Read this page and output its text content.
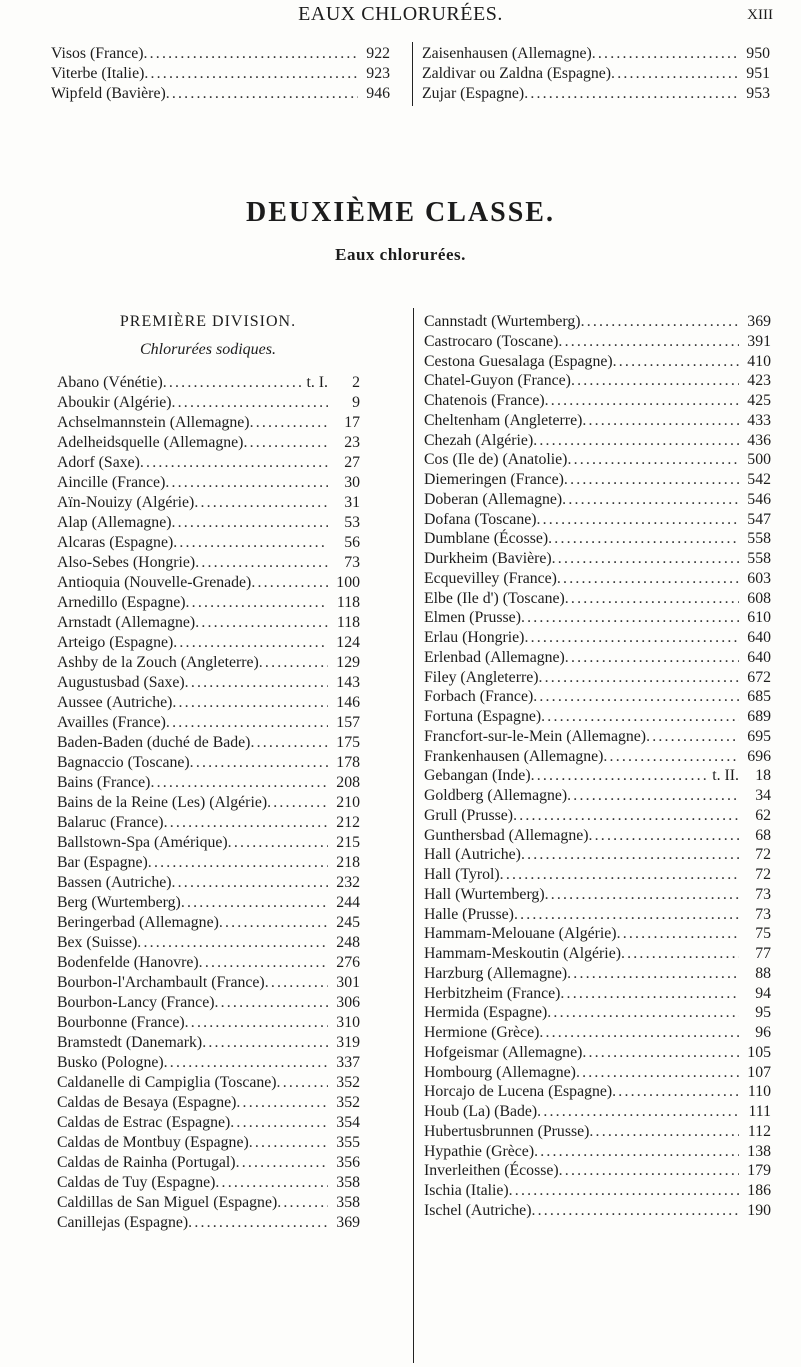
EAUX CHLORURÉES.	XIII
Visos (France) .....	922
Viterbe (Italie) .....	923
Wipfeld (Bavière) .....	946
Zaisenhausen (Allemagne) .....	950
Zaldivar ou Zaldna (Espagne) .....	951
Zujar (Espagne) .....	953
DEUXIÈME CLASSE.
Eaux chlorurées.
PREMIÈRE DIVISION.
Chlorurées sodiques.
Abano (Vénétie) .....	t. I.	2
Aboukir (Algérie) .....	9
Achselmannstein (Allemagne) .....	17
Adelheidsquelle (Allemagne) .....	23
Adorf (Saxe) .....	27
Aincille (France) .....	30
Aïn-Nouizy (Algérie) .....	31
Alap (Allemagne) .....	53
Alcaras (Espagne) .....	56
Also-Sebes (Hongrie) .....	73
Antioquia (Nouvelle-Grenade) .....	100
Arnedillo (Espagne) .....	118
Arnstadt (Allemagne) .....	118
Arteigo (Espagne) .....	124
Ashby de la Zouch (Angleterre) .....	129
Augustusbad (Saxe) .....	143
Aussee (Autriche) .....	146
Availles (France) .....	157
Baden-Baden (duché de Bade) .....	175
Bagnaccio (Toscane) .....	178
Bains (France) .....	208
Bains de la Reine (Les) (Algérie) .....	210
Balaruc (France) .....	212
Ballstown-Spa (Amérique) .....	215
Bar (Espagne) .....	218
Bassen (Autriche) .....	232
Berg (Wurtemberg) .....	244
Beringerbad (Allemagne) .....	245
Bex (Suisse) .....	248
Bodenfelde (Hanovre) .....	276
Bourbon-l'Archambault (France) .....	301
Bourbon-Lancy (France) .....	306
Bourbonne (France) .....	310
Bramstedt (Danemark) .....	319
Busko (Pologne) .....	337
Caldanelle di Campiglia (Toscane) .....	352
Caldas de Besaya (Espagne) .....	352
Caldas de Estrac (Espagne) .....	354
Caldas de Montbuy (Espagne) .....	355
Caldas de Rainha (Portugal) .....	356
Caldas de Tuy (Espagne) .....	358
Caldillas de San Miguel (Espagne) .....	358
Canillejas (Espagne) .....	369
Cannstadt (Wurtemberg) .....	369
Castrocaro (Toscane) .....	391
Cestona Guesalaga (Espagne) .....	410
Chatel-Guyon (France) .....	423
Chatenois (France) .....	425
Cheltenham (Angleterre) .....	433
Chezah (Algérie) .....	436
Cos (Ile de) (Anatolie) .....	500
Diemeringen (France) .....	542
Doberan (Allemagne) .....	546
Dofana (Toscane) .....	547
Dumblane (Écosse) .....	558
Durkheim (Bavière) .....	558
Ecquevilley (France) .....	603
Elbe (Ile d') (Toscane) .....	608
Elmen (Prusse) .....	610
Erlau (Hongrie) .....	640
Erlenbad (Allemagne) .....	640
Filey (Angleterre) .....	672
Forbach (France) .....	685
Fortuna (Espagne) .....	689
Francfort-sur-le-Mein (Allemagne) .....	695
Frankenhausen (Allemagne) .....	696
Gebangan (Inde) .....	t. II.	18
Goldberg (Allemagne) .....	34
Grull (Prusse) .....	62
Gunthersbad (Allemagne) .....	68
Hall (Autriche) .....	72
Hall (Tyrol) .....	72
Hall (Wurtemberg) .....	73
Halle (Prusse) .....	73
Hammam-Melouane (Algérie) .....	75
Hammam-Meskoutin (Algérie) .....	77
Harzburg (Allemagne) .....	88
Herbitzheim (France) .....	94
Hermida (Espagne) .....	95
Hermione (Grèce) .....	96
Hofgeismar (Allemagne) .....	105
Hombourg (Allemagne) .....	107
Horcajo de Lucena (Espagne) .....	110
Houb (La) (Bade) .....	111
Hubertusbrunnen (Prusse) .....	112
Hypathie (Grèce) .....	138
Inverleithen (Écosse) .....	179
Ischia (Italie) .....	186
Ischel (Autriche) .....	190
